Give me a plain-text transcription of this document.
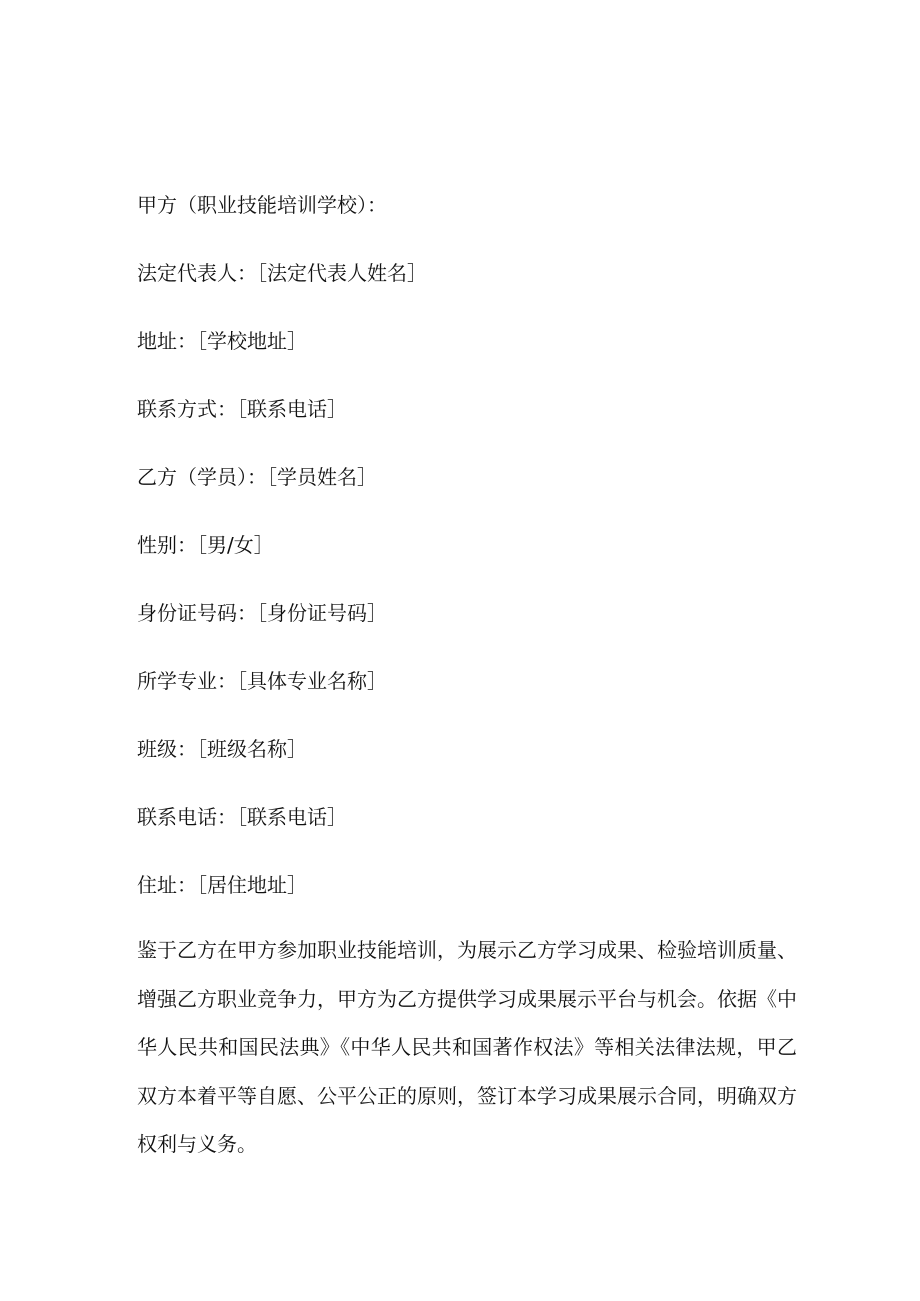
甲方（职业技能培训学校）：
法定代表人：［法定代表人姓名］
地址：［学校地址］
联系方式：［联系电话］
乙方（学员）：［学员姓名］
性别：［男/女］
身份证号码：［身份证号码］
所学专业：［具体专业名称］
班级：［班级名称］
联系电话：［联系电话］
住址：［居住地址］

鉴于乙方在甲方参加职业技能培训，为展示乙方学习成果、检验培训质量、增强乙方职业竞争力，甲方为乙方提供学习成果展示平台与机会。依据《中华人民共和国民法典》《中华人民共和国著作权法》等相关法律法规，甲乙双方本着平等自愿、公平公正的原则，签订本学习成果展示合同，明确双方权利与义务。
